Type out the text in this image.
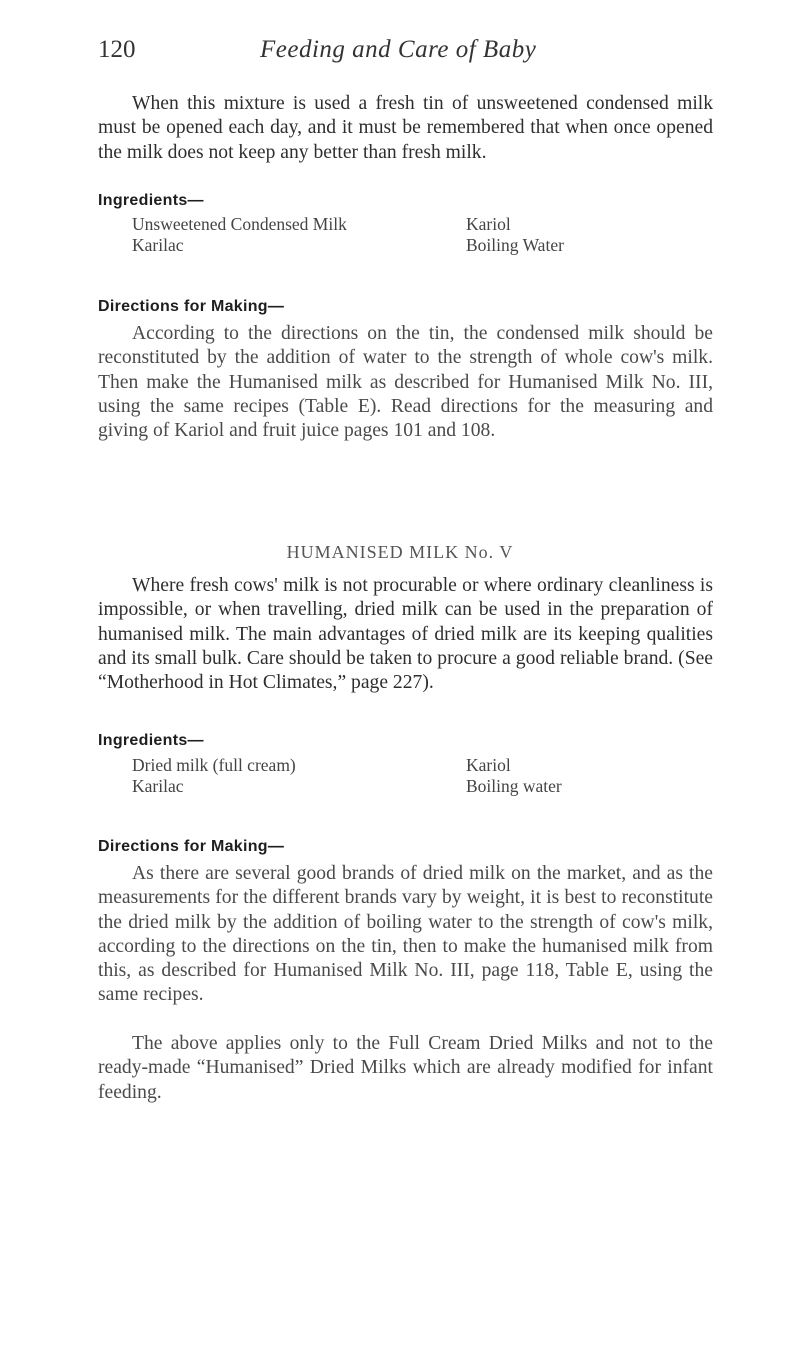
120	Feeding and Care of Baby

When this mixture is used a fresh tin of unsweetened condensed milk must be opened each day, and it must be remembered that when once opened the milk does not keep any better than fresh milk.

Ingredients—
Unsweetened Condensed Milk	Kariol
Karilac	Boiling Water
Directions for Making—

According to the directions on the tin, the condensed milk should be reconstituted by the addition of water to the strength of whole cow's milk. Then make the Humanised milk as described for Humanised Milk No. III, using the same recipes (Table E). Read directions for the measuring and giving of Kariol and fruit juice pages 101 and 108.

HUMANISED MILK No. V

Where fresh cows' milk is not procurable or where ordinary cleanliness is impossible, or when travelling, dried milk can be used in the preparation of humanised milk. The main advantages of dried milk are its keeping qualities and its small bulk. Care should be taken to procure a good reliable brand. (See “Motherhood in Hot Climates,” page 227).

Ingredients—
Dried milk (full cream)	Kariol
Karilac	Boiling water
Directions for Making—

As there are several good brands of dried milk on the market, and as the measurements for the different brands vary by weight, it is best to reconstitute the dried milk by the addition of boiling water to the strength of cow's milk, according to the directions on the tin, then to make the humanised milk from this, as described for Humanised Milk No. III, page 118, Table E, using the same recipes.

The above applies only to the Full Cream Dried Milks and not to the ready-made “Humanised” Dried Milks which are already modified for infant feeding.
